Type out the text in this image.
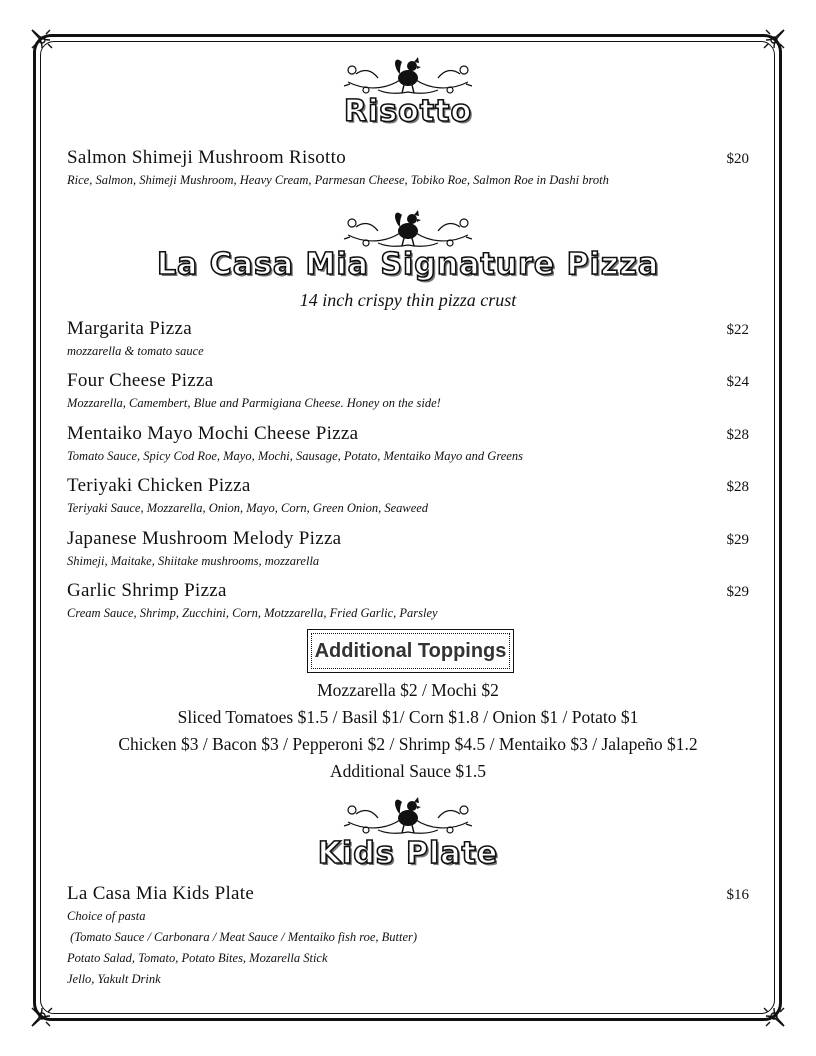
Risotto
Salmon Shimeji Mushroom Risotto	$20
Rice, Salmon, Shimeji Mushroom, Heavy Cream, Parmesan Cheese, Tobiko Roe, Salmon Roe in Dashi broth
La Casa Mia Signature Pizza
14 inch crispy thin pizza crust
Margarita Pizza	$22
mozzarella & tomato sauce
Four Cheese Pizza	$24
Mozzarella, Camembert, Blue and Parmigiana Cheese. Honey on the side!
Mentaiko Mayo Mochi Cheese Pizza	$28
Tomato Sauce, Spicy Cod Roe, Mayo, Mochi, Sausage, Potato, Mentaiko Mayo and Greens
Teriyaki Chicken Pizza	$28
Teriyaki Sauce, Mozzarella, Onion, Mayo, Corn, Green Onion, Seaweed
Japanese Mushroom Melody Pizza	$29
Shimeji, Maitake, Shiitake mushrooms, mozzarella
Garlic Shrimp Pizza	$29
Cream Sauce, Shrimp, Zucchini, Corn, Motzzarella, Fried Garlic, Parsley
Additional Toppings
Mozzarella $2 / Mochi $2
Sliced Tomatoes $1.5 / Basil $1/ Corn $1.8 / Onion $1 / Potato $1
Chicken $3 / Bacon $3 / Pepperoni $2 / Shrimp $4.5 / Mentaiko $3 / Jalapeño $1.2
Additional Sauce $1.5
Kids Plate
La Casa Mia Kids Plate	$16
Choice of pasta
(Tomato Sauce / Carbonara / Meat Sauce / Mentaiko fish roe, Butter)
Potato Salad, Tomato, Potato Bites, Mozarella Stick
Jello, Yakult Drink
